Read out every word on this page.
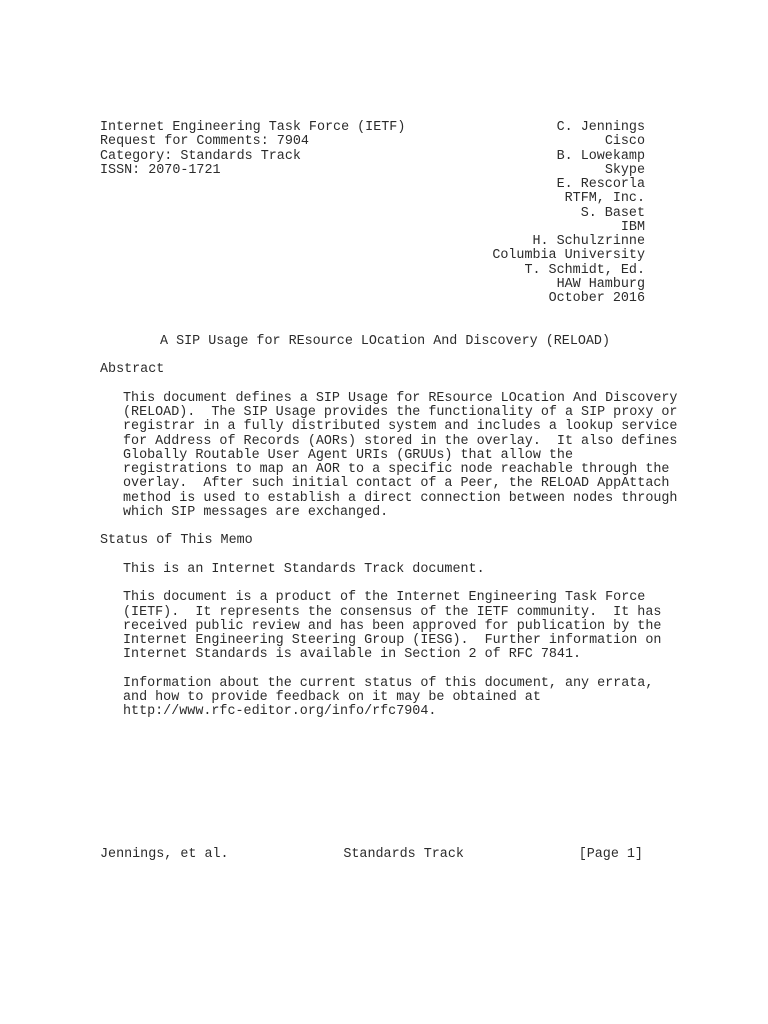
Internet Engineering Task Force (IETF)	C. Jennings
Request for Comments: 7904	Cisco
Category: Standards Track	B. Lowekamp
ISSN: 2070-1721	Skype
E. Rescorla
RTFM, Inc.
S. Baset
IBM
H. Schulzrinne
Columbia University
T. Schmidt, Ed.
HAW Hamburg
October 2016
A SIP Usage for REsource LOcation And Discovery (RELOAD)
Abstract
This document defines a SIP Usage for REsource LOcation And Discovery
(RELOAD).  The SIP Usage provides the functionality of a SIP proxy or
registrar in a fully distributed system and includes a lookup service
for Address of Records (AORs) stored in the overlay.  It also defines
Globally Routable User Agent URIs (GRUUs) that allow the
registrations to map an AOR to a specific node reachable through the
overlay.  After such initial contact of a Peer, the RELOAD AppAttach
method is used to establish a direct connection between nodes through
which SIP messages are exchanged.
Status of This Memo
This is an Internet Standards Track document.
This document is a product of the Internet Engineering Task Force
(IETF).  It represents the consensus of the IETF community.  It has
received public review and has been approved for publication by the
Internet Engineering Steering Group (IESG).  Further information on
Internet Standards is available in Section 2 of RFC 7841.
Information about the current status of this document, any errata,
and how to provide feedback on it may be obtained at
http://www.rfc-editor.org/info/rfc7904.
Jennings, et al.	Standards Track	[Page 1]
